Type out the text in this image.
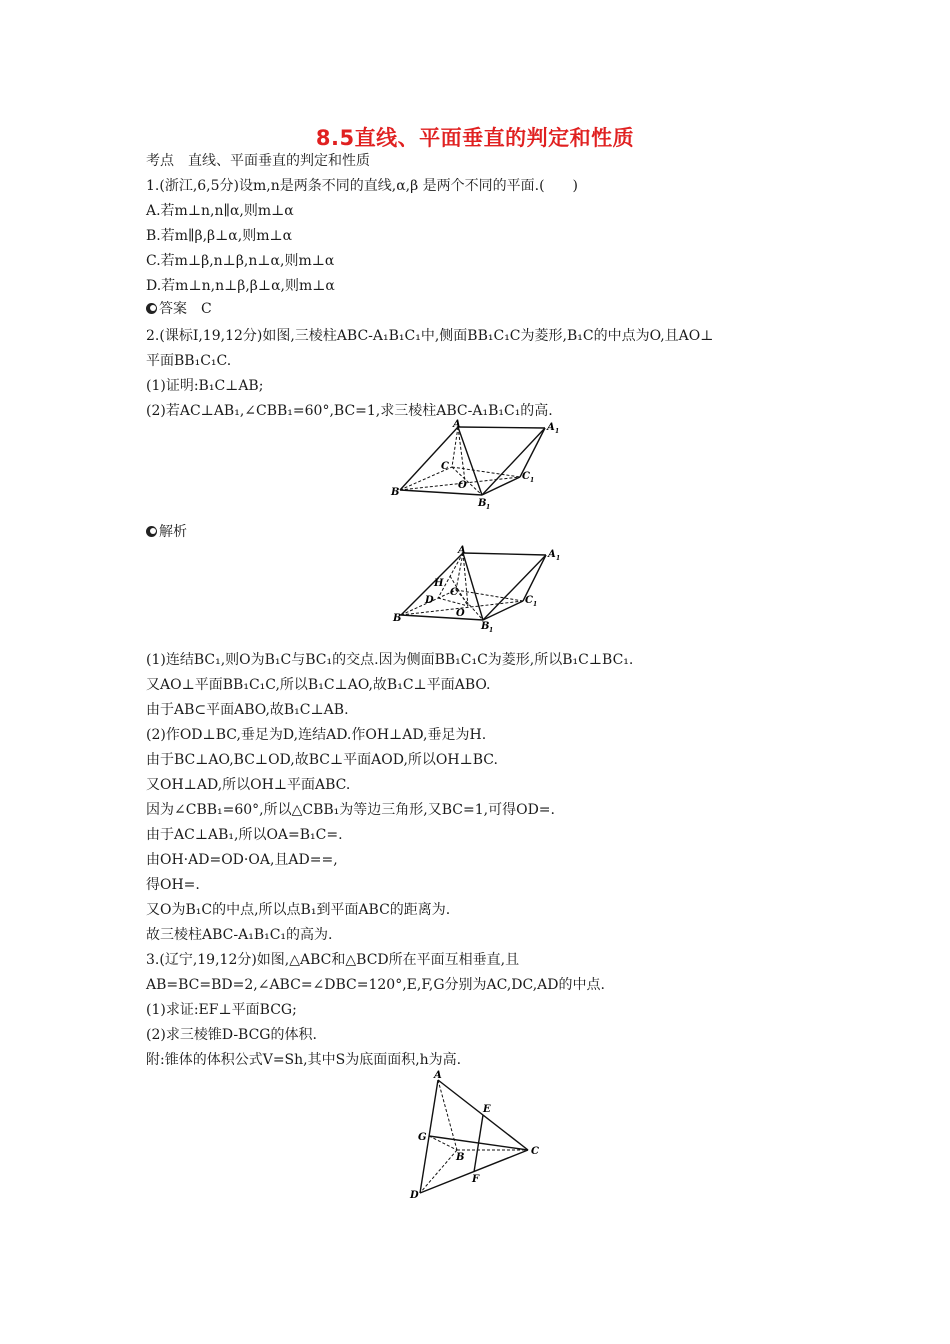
8.5直线、平面垂直的判定和性质
考点　直线、平面垂直的判定和性质
1.(浙江,6,5分)设m,n是两条不同的直线,α,β 是两个不同的平面.(　　)
A.若m⊥n,n∥α,则m⊥α
B.若m∥β,β⊥α,则m⊥α
C.若m⊥β,n⊥β,n⊥α,则m⊥α
D.若m⊥n,n⊥β,β⊥α,则m⊥α
答案　 C
2.(课标Ⅰ,19,12分)如图,三棱柱ABC-A₁B₁C₁中,侧面BB₁C₁C为菱形,B₁C的中点为O,且AO⊥
平面BB₁C₁C.
(1)证明:B₁C⊥AB;
(2)若AC⊥AB₁,∠CBB₁=60°,BC=1,求三棱柱ABC-A₁B₁C₁的高.
A	A 1
C
O
C 1
B
B 1
解析
A	A 1
H
C
D
O
C 1
B
B 1
(1)连结BC₁,则O为B₁C与BC₁的交点.因为侧面BB₁C₁C为菱形,所以B₁C⊥BC₁.
又AO⊥平面BB₁C₁C,所以B₁C⊥AO,故B₁C⊥平面ABO.
由于AB⊂平面ABO,故B₁C⊥AB.
(2)作OD⊥BC,垂足为D,连结AD.作OH⊥AD,垂足为H.
由于BC⊥AO,BC⊥OD,故BC⊥平面AOD,所以OH⊥BC.
又OH⊥AD,所以OH⊥平面ABC.
因为∠CBB₁=60°,所以△CBB₁为等边三角形,又BC=1,可得OD=.
由于AC⊥AB₁,所以OA=B₁C=.
由OH·AD=OD·OA,且AD==,
得OH=.
又O为B₁C的中点,所以点B₁到平面ABC的距离为.
故三棱柱ABC-A₁B₁C₁的高为.
3.(辽宁,19,12分)如图,△ABC和△BCD所在平面互相垂直,且
AB=BC=BD=2,∠ABC=∠DBC=120°,E,F,G分别为AC,DC,AD的中点.
(1)求证:EF⊥平面BCG;
(2)求三棱锥D-BCG的体积.
附:锥体的体积公式V=Sh,其中S为底面面积,h为高.
A
E
G
B
C
F
D
